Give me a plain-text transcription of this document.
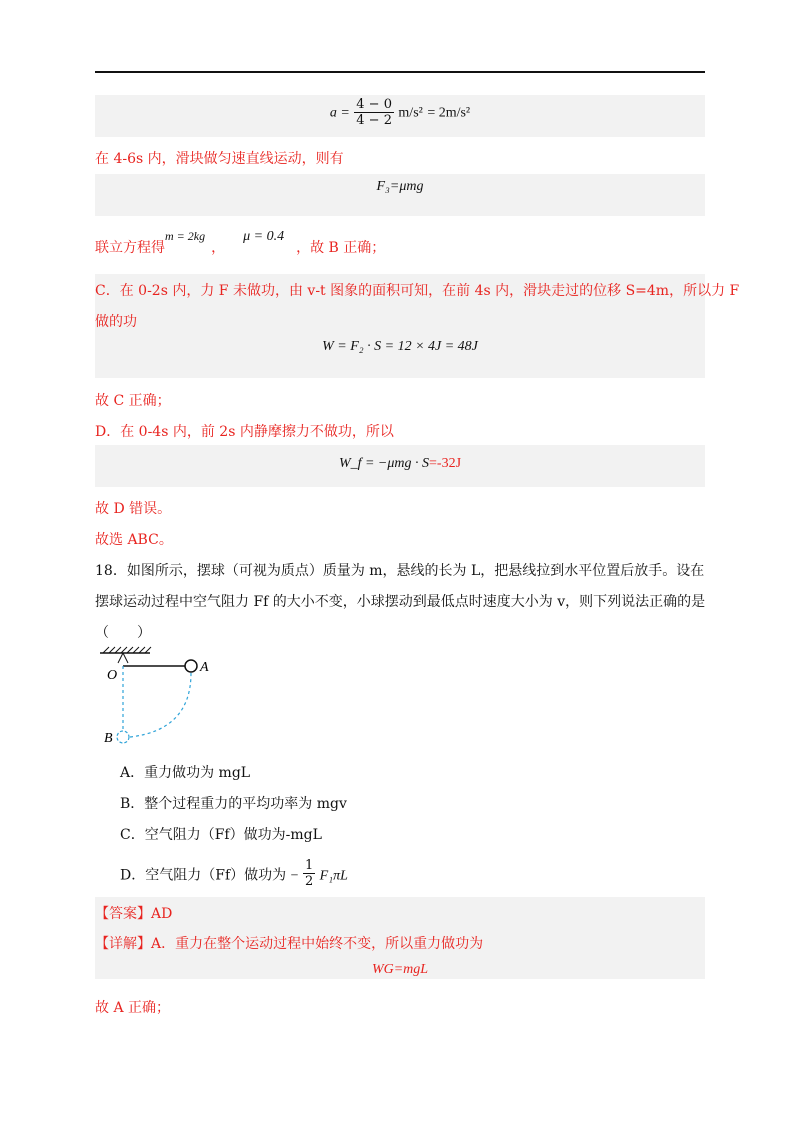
$a = \frac{4 - 0}{4 - 2} m/s^2 = 2m/s^2$
在 4-6s 内，滑块做匀速直线运动，则有
F₃=μmg
联立方程得m = 2kg，μ = 0.4，故 B 正确；
C．在 0-2s 内，力 F 未做功，由 v-t 图象的面积可知，在前 4s 内，滑块走过的位移 S=4m，所以力 F
做的功
W = F₂ · S = 12 × 4J = 48J
故 C 正确；
D．在 0-4s 内，前 2s 内静摩擦力不做功，所以
W_f = −μmg · S=-32J
故 D 错误。
故选 ABC。
18．如图所示，摆球（可视为质点）质量为 m，悬线的长为 L，把悬线拉到水平位置后放手。设在
摆球运动过程中空气阻力 Ff 的大小不变，小球摆动到最低点时速度大小为 v，则下列说法正确的是
（　　）
O
A
B
A．重力做功为 mgL
B．整个过程重力的平均功率为 mgv
C．空气阻力（Ff）做功为-mgL
D．空气阻力（Ff）做功为 − $\frac{1}{2} F_1\pi L$
【答案】AD
【详解】A．重力在整个运动过程中始终不变，所以重力做功为
WG=mgL
故 A 正确；
